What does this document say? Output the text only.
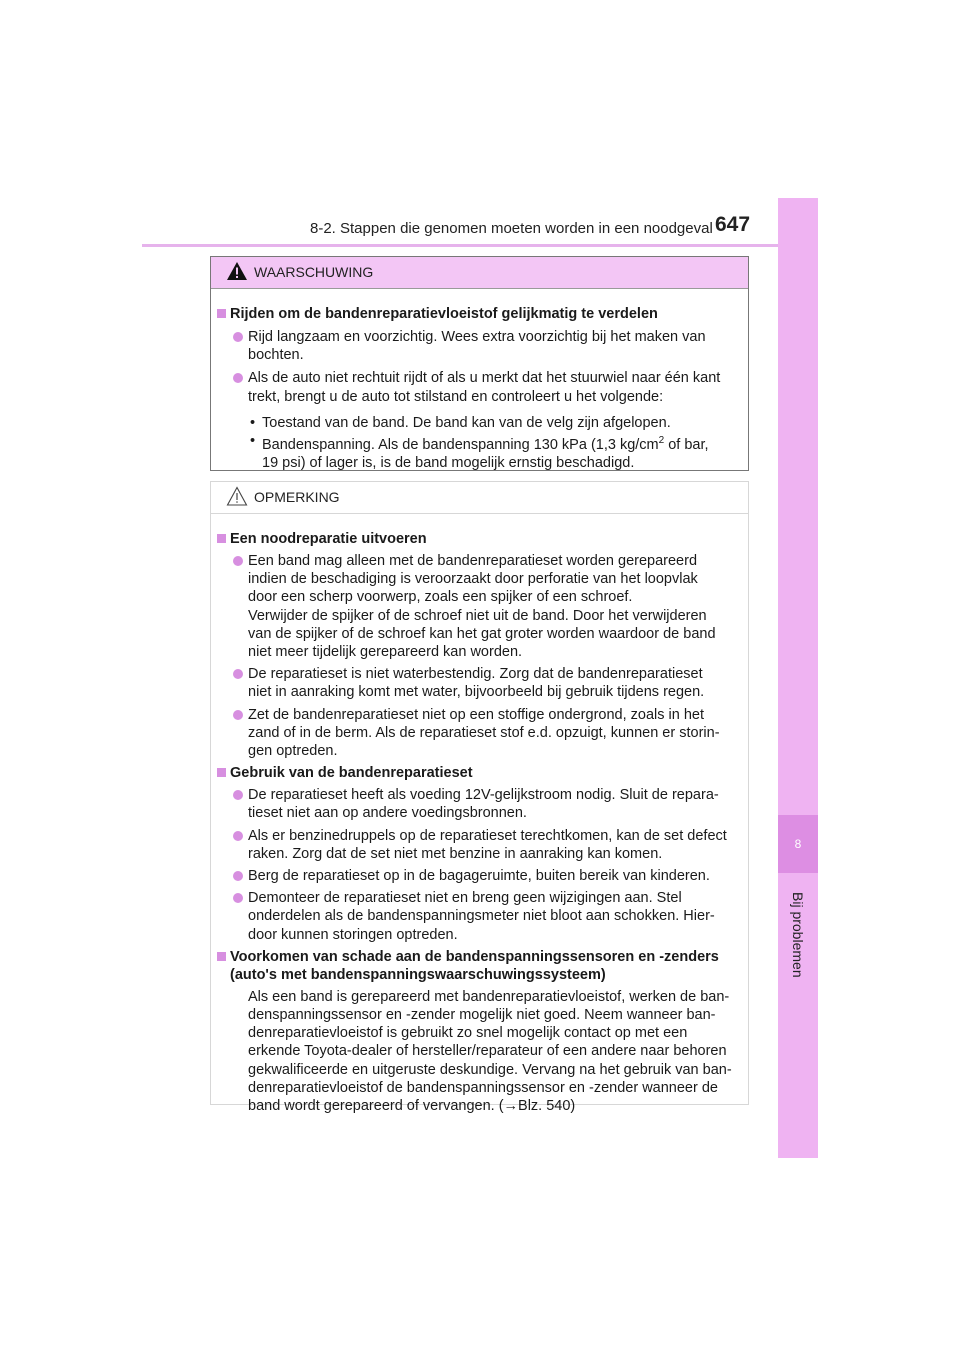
8-2. Stappen die genomen moeten worden in een noodgeval 647
8
Bij problemen
WAARSCHUWING
Rijden om de bandenreparatievloeistof gelijkmatig te verdelen
Rijd langzaam en voorzichtig. Wees extra voorzichtig bij het maken van
bochten.
Als de auto niet rechtuit rijdt of als u merkt dat het stuurwiel naar één kant
trekt, brengt u de auto tot stilstand en controleert u het volgende:
• Toestand van de band. De band kan van de velg zijn afgelopen.
• Bandenspanning. Als de bandenspanning 130 kPa (1,3 $kg/cm^2$ of bar,
19 psi) of lager is, is de band mogelijk ernstig beschadigd.
OPMERKING
Een noodreparatie uitvoeren
Een band mag alleen met de bandenreparatieset worden gerepareerd
indien de beschadiging is veroorzaakt door perforatie van het loopvlak
door een scherp voorwerp, zoals een spijker of een schroef.
Verwijder de spijker of de schroef niet uit de band. Door het verwijderen
van de spijker of de schroef kan het gat groter worden waardoor de band
niet meer tijdelijk gerepareerd kan worden.
De reparatieset is niet waterbestendig. Zorg dat de bandenreparatieset
niet in aanraking komt met water, bijvoorbeeld bij gebruik tijdens regen.
Zet de bandenreparatieset niet op een stoffige ondergrond, zoals in het
zand of in de berm. Als de reparatieset stof e.d. opzuigt, kunnen er storin-
gen optreden.
Gebruik van de bandenreparatieset
De reparatieset heeft als voeding 12V-gelijkstroom nodig. Sluit de repara-
tieset niet aan op andere voedingsbronnen.
Als er benzinedruppels op de reparatieset terechtkomen, kan de set defect
raken. Zorg dat de set niet met benzine in aanraking kan komen.
Berg de reparatieset op in de bagageruimte, buiten bereik van kinderen.
Demonteer de reparatieset niet en breng geen wijzigingen aan. Stel
onderdelen als de bandenspanningsmeter niet bloot aan schokken. Hier-
door kunnen storingen optreden.
Voorkomen van schade aan de bandenspanningssensoren en -zenders
(auto's met bandenspanningswaarschuwingssysteem)
Als een band is gerepareerd met bandenreparatievloeistof, werken de ban-
denspanningssensor en -zender mogelijk niet goed. Neem wanneer ban-
denreparatievloeistof is gebruikt zo snel mogelijk contact op met een
erkende Toyota-dealer of hersteller/reparateur of een andere naar behoren
gekwalificeerde en uitgeruste deskundige. Vervang na het gebruik van ban-
denreparatievloeistof de bandenspanningssensor en -zender wanneer de
band wordt gerepareerd of vervangen. (→Blz. 540)
